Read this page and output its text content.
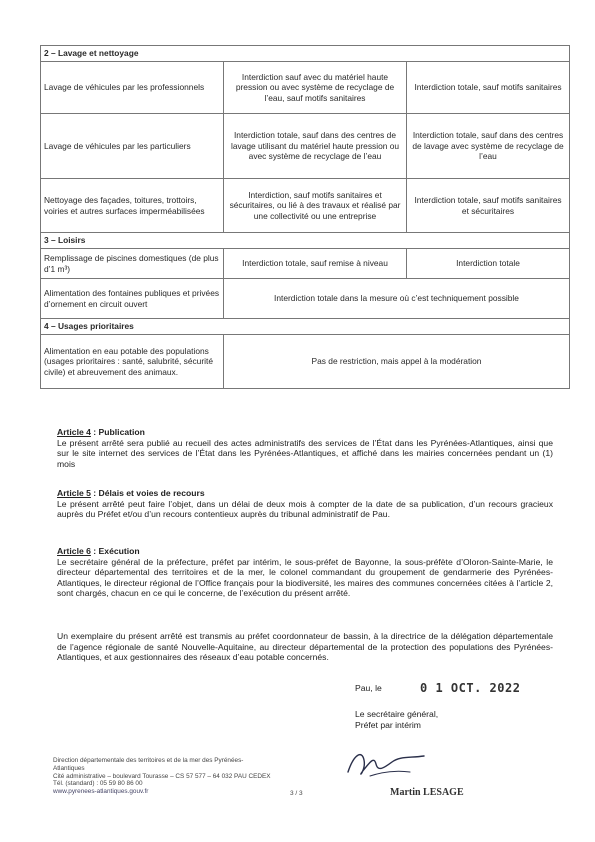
2 – Lavage et nettoyage		
Lavage de véhicules par les professionnels	Interdiction sauf avec du matériel haute pression ou avec système de recyclage de l’eau, sauf motifs sanitaires	Interdiction totale, sauf motifs sanitaires
Lavage de véhicules par les particuliers	Interdiction totale, sauf dans des centres de lavage utilisant du matériel haute pression ou avec système de recyclage de l’eau	Interdiction totale, sauf dans des centres de lavage avec système de recyclage de l’eau
Nettoyage des façades, toitures, trottoirs, voiries et autres surfaces imperméabilisées	Interdiction, sauf motifs sanitaires et sécuritaires, ou lié à des travaux et réalisé par une collectivité ou une entreprise	Interdiction totale, sauf motifs sanitaires et sécuritaires
3 – Loisirs		
Remplissage de piscines domestiques (de plus d’1 m³)	Interdiction totale, sauf remise à niveau	Interdiction totale
Alimentation des fontaines publiques et privées d’ornement en circuit ouvert	Interdiction totale dans la mesure où c’est techniquement possible	
4 – Usages prioritaires		
Alimentation en eau potable des populations (usages prioritaires : santé, salubrité, sécurité civile) et abreuvement des animaux.	Pas de restriction, mais appel à la modération	
Article 4 : Publication

Le présent arrêté sera publié au recueil des actes administratifs des services de l’État dans les Pyrénées-Atlantiques, ainsi que sur le site internet des services de l’État dans les Pyrénées-Atlantiques, et affiché dans les mairies concernées pendant un (1) mois

Article 5 : Délais et voies de recours

Le présent arrêté peut faire l’objet, dans un délai de deux mois à compter de la date de sa publication, d’un recours gracieux auprès du Préfet et/ou d’un recours contentieux auprès du tribunal administratif de Pau.

Article 6 : Exécution

Le secrétaire général de la préfecture, préfet par intérim, le sous-préfet de Bayonne, la sous-préfète d’Oloron-Sainte-Marie, le directeur départemental des territoires et de la mer, le colonel commandant du groupement de gendarmerie des Pyrénées-Atlantiques, le directeur régional de l’Office français pour la biodiversité, les maires des communes concernées citées à l’article 2, sont chargés, chacun en ce qui le concerne, de l’exécution du présent arrêté.

Un exemplaire du présent arrêté est transmis au préfet coordonnateur de bassin, à la directrice de la délégation départementale de l’agence régionale de santé Nouvelle-Aquitaine, au directeur départemental de la protection des populations des Pyrénées-Atlantiques, et aux gestionnaires des réseaux d’eau potable concernés.

Pau, le	0 1 OCT. 2022
Le secrétaire général,
Préfet par intérim
Martin LESAGE
Direction départementale des territoires et de la mer des Pyrénées-Atlantiques
Cité administrative – boulevard Tourasse – CS 57 577 – 64 032 PAU CEDEX
Tél. (standard) : 05 59 80 86 00
www.pyrenees-atlantiques.gouv.fr	3 / 3
